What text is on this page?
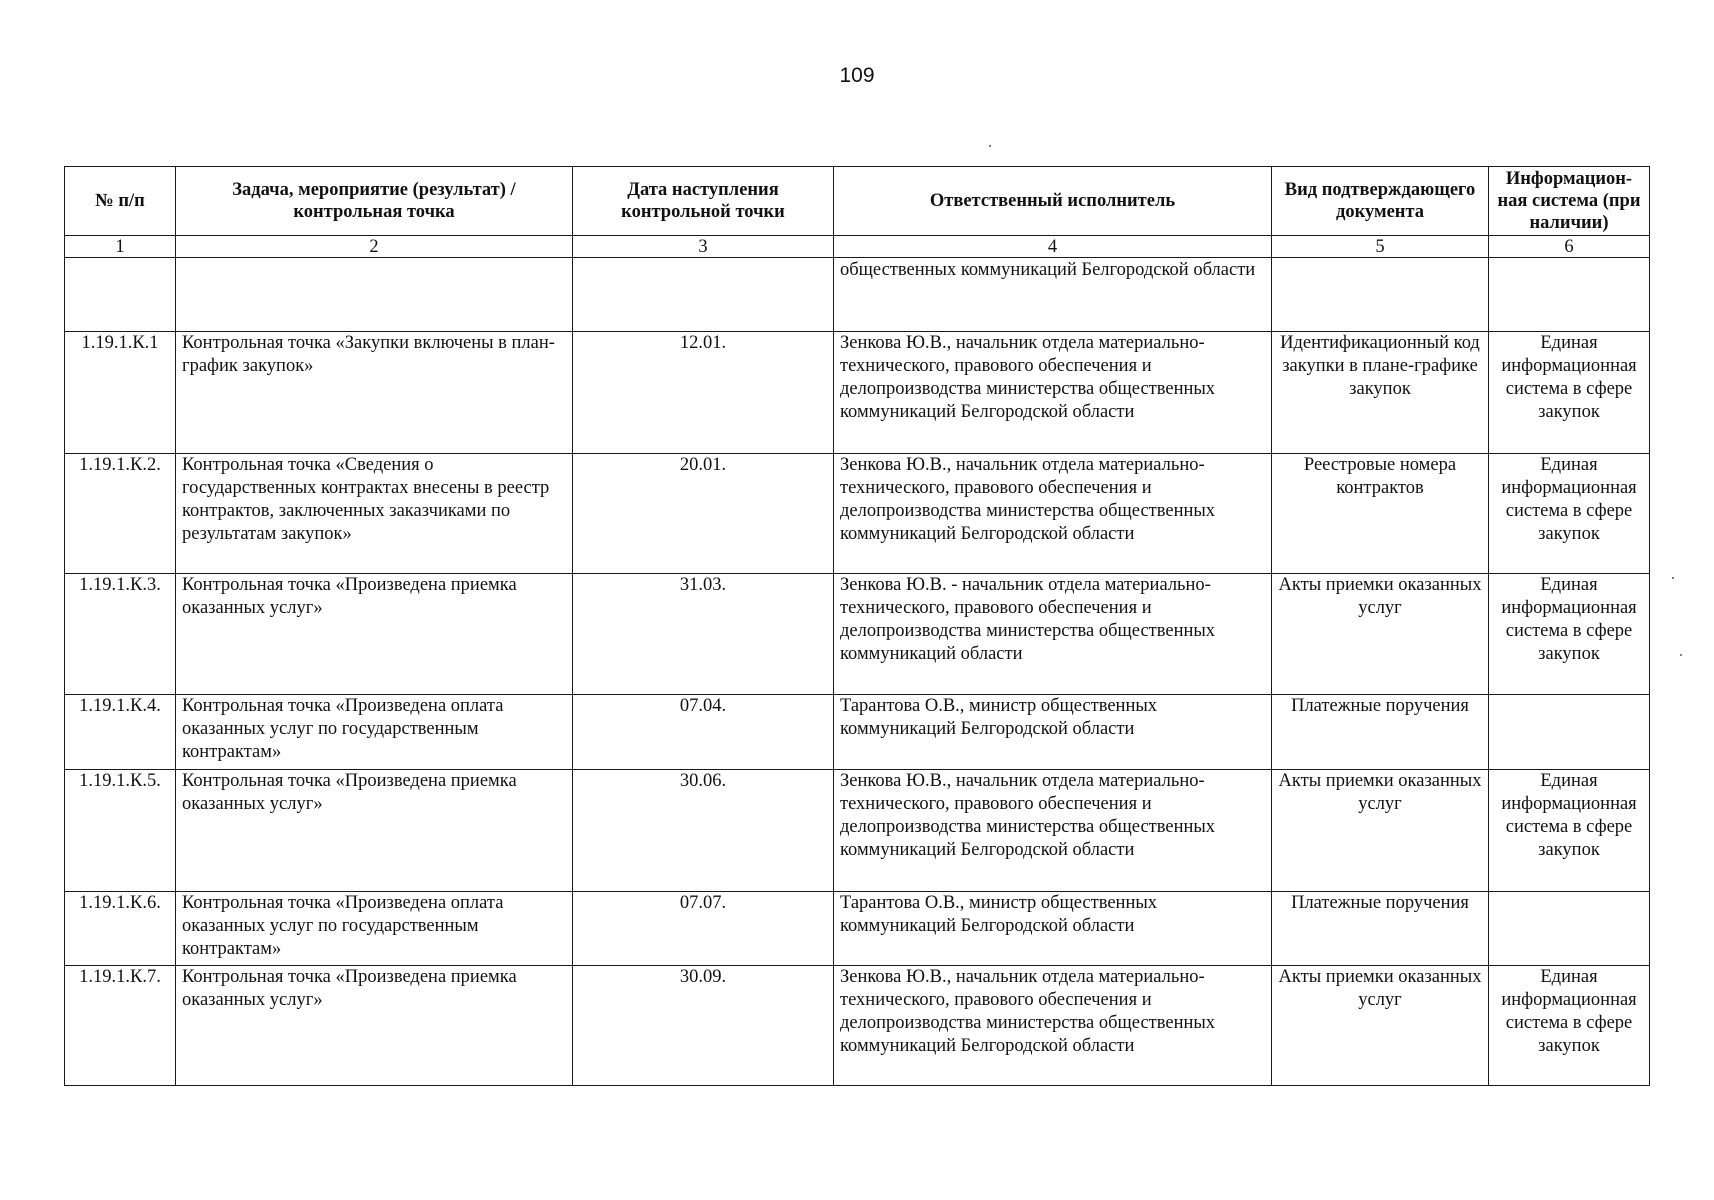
109
№ п/п	Задача, мероприятие (результат) / контрольная точка	Дата наступления контрольной точки	Ответственный исполнитель	Вид подтверждающего документа	Информацион-ная система (при наличии)
1	2	3	4	5	6
			общественных коммуникаций Белгородской области		
1.19.1.К.1	Контрольная точка «Закупки включены в план-график закупок»	12.01.	Зенкова Ю.В., начальник отдела материально-технического, правового обеспечения и делопроизводства министерства общественных коммуникаций Белгородской области	Идентификационный код закупки в плане-графике закупок	Единая информационная система в сфере закупок
1.19.1.К.2.	Контрольная точка «Сведения о государственных контрактах внесены в реестр контрактов, заключенных заказчиками по результатам закупок»	20.01.	Зенкова Ю.В., начальник отдела материально-технического, правового обеспечения и делопроизводства министерства общественных коммуникаций Белгородской области	Реестровые номера контрактов	Единая информационная система в сфере закупок
1.19.1.К.3.	Контрольная точка «Произведена приемка оказанных услуг»	31.03.	Зенкова Ю.В. - начальник отдела материально-технического, правового обеспечения и делопроизводства министерства общественных коммуникаций области	Акты приемки оказанных услуг	Единая информационная система в сфере закупок
1.19.1.К.4.	Контрольная точка «Произведена оплата оказанных услуг по государственным контрактам»	07.04.	Тарантова О.В., министр общественных коммуникаций Белгородской области	Платежные поручения	
1.19.1.К.5.	Контрольная точка «Произведена приемка оказанных услуг»	30.06.	Зенкова Ю.В., начальник отдела материально-технического, правового обеспечения и делопроизводства министерства общественных коммуникаций Белгородской области	Акты приемки оказанных услуг	Единая информационная система в сфере закупок
1.19.1.К.6.	Контрольная точка «Произведена оплата оказанных услуг по государственным контрактам»	07.07.	Тарантова О.В., министр общественных коммуникаций Белгородской области	Платежные поручения	
1.19.1.К.7.	Контрольная точка «Произведена приемка оказанных услуг»	30.09.	Зенкова Ю.В., начальник отдела материально-технического, правового обеспечения и делопроизводства министерства общественных коммуникаций Белгородской области	Акты приемки оказанных услуг	Единая информационная система в сфере закупок
